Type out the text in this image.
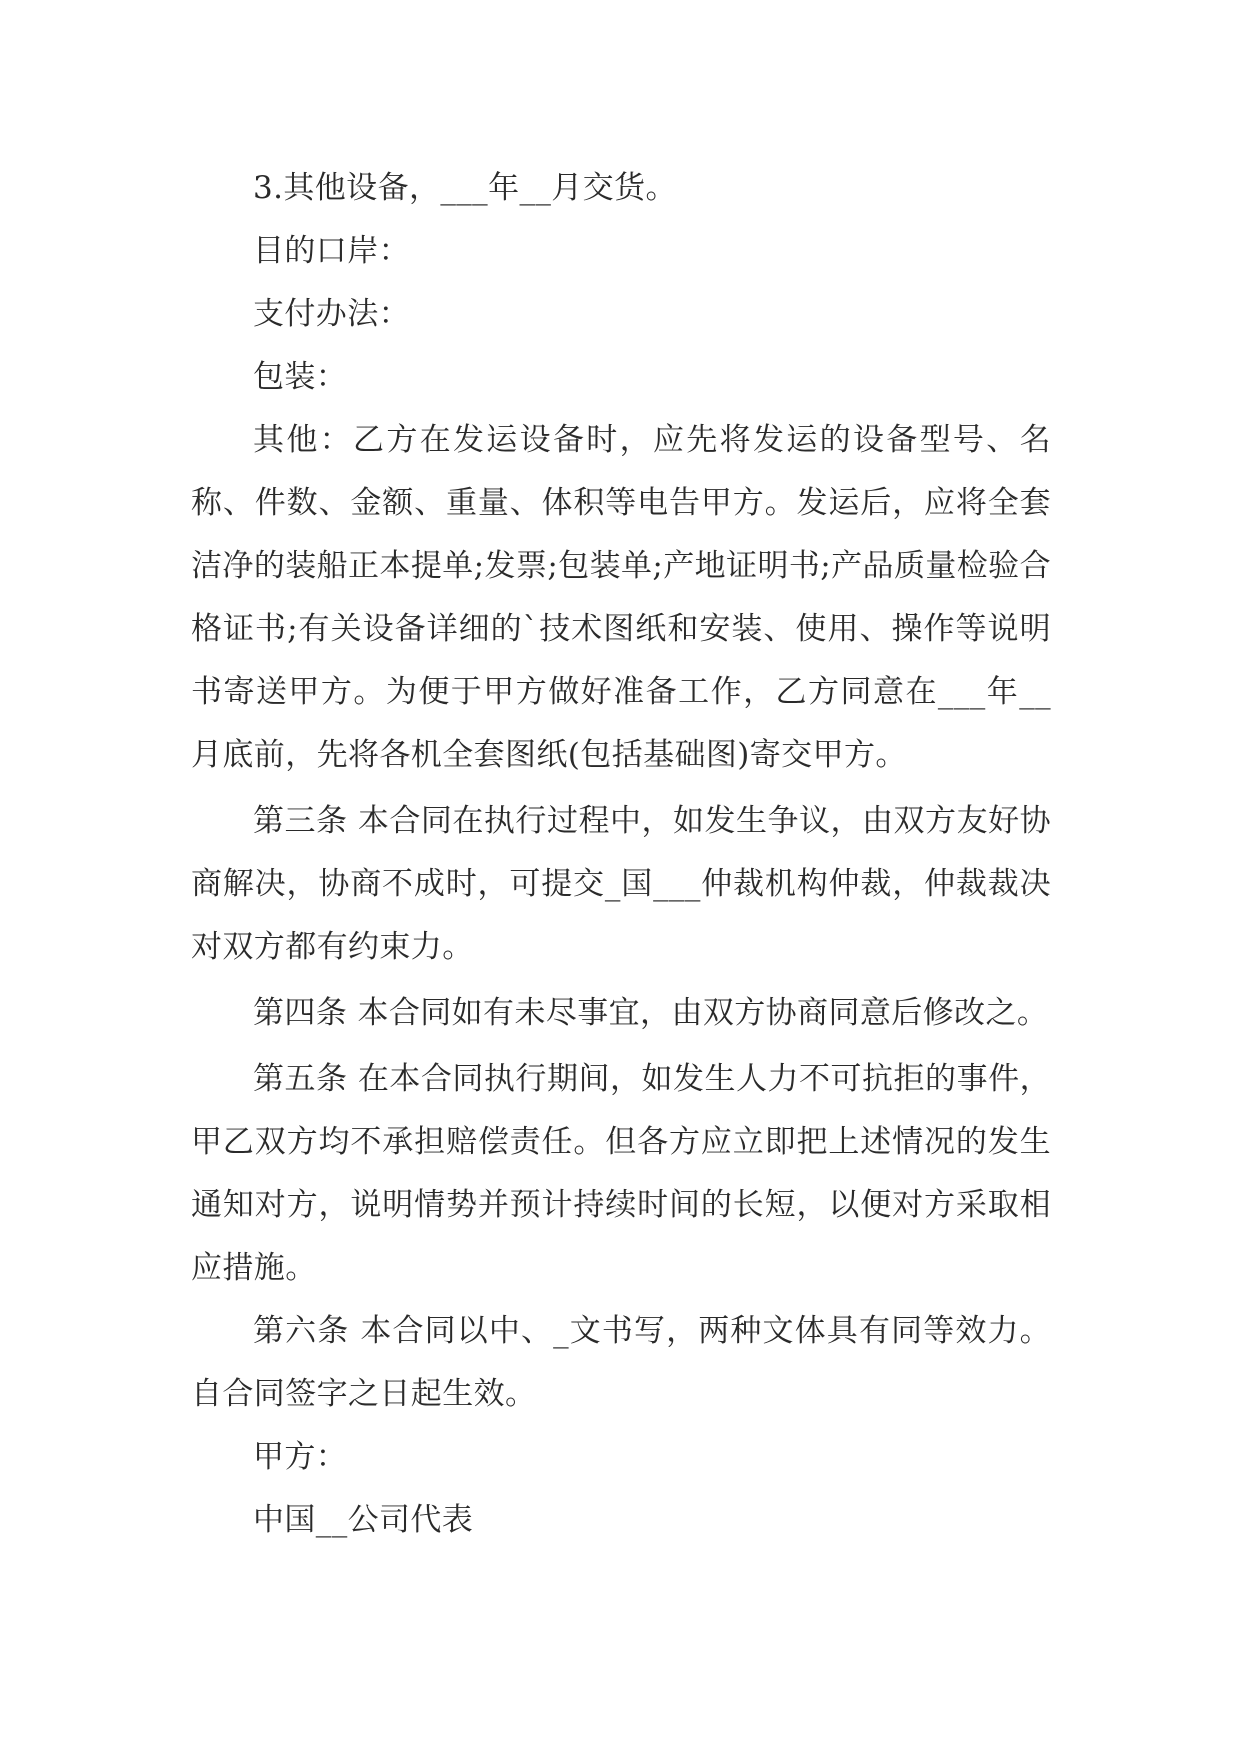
3.其他设备，___年__月交货。

目的口岸：

支付办法：

包装：

其他：乙方在发运设备时，应先将发运的设备型号、名称、件数、金额、重量、体积等电告甲方。发运后，应将全套洁净的装船正本提单;发票;包装单;产地证明书;产品质量检验合格证书;有关设备详细的`技术图纸和安装、使用、操作等说明书寄送甲方。为便于甲方做好准备工作，乙方同意在___年__月底前，先将各机全套图纸(包括基础图)寄交甲方。

第三条 本合同在执行过程中，如发生争议，由双方友好协商解决，协商不成时，可提交_国___仲裁机构仲裁，仲裁裁决对双方都有约束力。

第四条 本合同如有未尽事宜，由双方协商同意后修改之。

第五条 在本合同执行期间，如发生人力不可抗拒的事件，甲乙双方均不承担赔偿责任。但各方应立即把上述情况的发生通知对方，说明情势并预计持续时间的长短，以便对方采取相应措施。

第六条 本合同以中、_文书写，两种文体具有同等效力。自合同签字之日起生效。

甲方：

中国__公司代表
